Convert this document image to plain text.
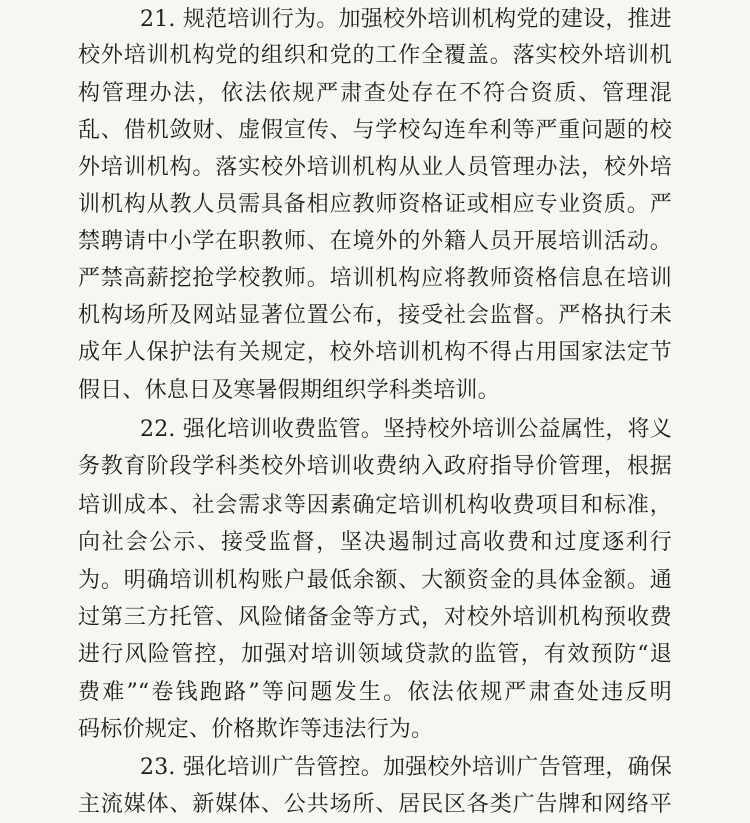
21. 规范培训行为。加强校外培训机构党的建设，推进
校外培训机构党的组织和党的工作全覆盖。落实校外培训机
构管理办法，依法依规严肃查处存在不符合资质、管理混
乱、借机敛财、虚假宣传、与学校勾连牟利等严重问题的校
外培训机构。落实校外培训机构从业人员管理办法，校外培
训机构从教人员需具备相应教师资格证或相应专业资质。严
禁聘请中小学在职教师、在境外的外籍人员开展培训活动。
严禁高薪挖抢学校教师。培训机构应将教师资格信息在培训
机构场所及网站显著位置公布，接受社会监督。严格执行未
成年人保护法有关规定，校外培训机构不得占用国家法定节
假日、休息日及寒暑假期组织学科类培训。
22. 强化培训收费监管。坚持校外培训公益属性，将义
务教育阶段学科类校外培训收费纳入政府指导价管理，根据
培训成本、社会需求等因素确定培训机构收费项目和标准，
向社会公示、接受监督，坚决遏制过高收费和过度逐利行
为。明确培训机构账户最低余额、大额资金的具体金额。通
过第三方托管、风险储备金等方式，对校外培训机构预收费
进行风险管控，加强对培训领域贷款的监管，有效预防“退
费难”“卷钱跑路”等问题发生。依法依规严肃查处违反明
码标价规定、价格欺诈等违法行为。
23. 强化培训广告管控。加强校外培训广告管理，确保
主流媒体、新媒体、公共场所、居民区各类广告牌和网络平
